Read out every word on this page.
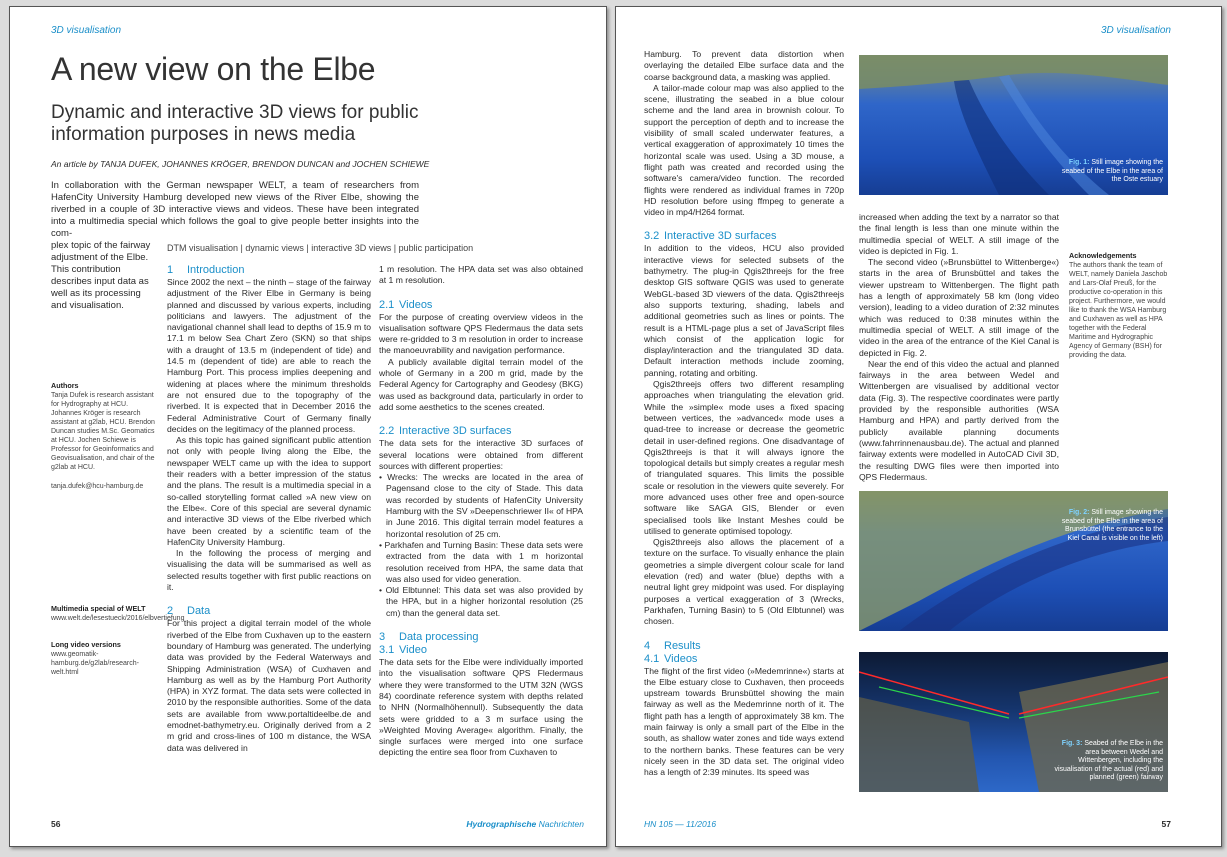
3D visualisation
A new view on the Elbe
Dynamic and interactive 3D views for public information purposes in news media
An article by TANJA DUFEK, JOHANNES KRÖGER, BRENDON DUNCAN and JOCHEN SCHIEWE
In collaboration with the German newspaper WELT, a team of researchers from HafenCity University Hamburg developed new views of the River Elbe, showing the riverbed in a couple of 3D interactive views and videos. These have been integrated into a multimedia special which follows the goal to give people better insights into the com-
plex topic of the fairway adjustment of the Elbe. This contribution describes input data as well as its processing and visualisation.
DTM visualisation | dynamic views | interactive 3D views | public participation
Authors
Tanja Dufek is research assistant for Hydrography at HCU. Johannes Kröger is research assistant at g2lab, HCU. Brendon Duncan studies M.Sc. Geomatics at HCU. Jochen Schiewe is Professor for Geoinformatics and Geovisualisation, and chair of the g2lab at HCU.
tanja.dufek@hcu-hamburg.de
Multimedia special of WELT
www.welt.de/lesestueck/2016/elbvertiefung
Long video versions
www.geomatik-hamburg.de/g2lab/research-welt.html
1 Introduction

Since 2002 the next – the ninth – stage of the fairway adjustment of the River Elbe in Germany is being planned and discussed by various experts, including politicians and lawyers. The adjustment of the navigational channel shall lead to depths of 15.9 m to 17.1 m below Sea Chart Zero (SKN) so that ships with a draught of 13.5 m (independent of tide) and 14.5 m (dependent of tide) are able to reach the Hamburg Port. This process implies deepening and widening at places where the minimum thresholds are not ensured due to the topography of the riverbed. It is expected that in December 2016 the Federal Administrative Court of Germany finally decides on the legitimacy of the planned process.

As this topic has gained significant public attention not only with people living along the Elbe, the newspaper WELT came up with the idea to support their readers with a better impression of the status and the plans. The result is a multimedia special in a so-called storytelling format called »A new view on the Elbe«. Core of this special are several dynamic and interactive 3D views of the Elbe riverbed which have been created by a scientific team of the HafenCity University Hamburg.

In the following the process of merging and visualising the data will be summarised as well as selected results together with first public reactions on it.

2 Data

For this project a digital terrain model of the whole riverbed of the Elbe from Cuxhaven up to the eastern boundary of Hamburg was generated. The underlying data was provided by the Federal Waterways and Shipping Administration (WSA) of Cuxhaven and Hamburg as well as by the Hamburg Port Authority (HPA) in XYZ format. The data sets were collected in 2010 by the responsible authorities. Some of the data sets are available from www.portaltideelbe.de and emodnet-bathymetry.eu. Originally derived from a 2 m grid and cross-lines of 100 m distance, the WSA data was delivered in

1 m resolution. The HPA data set was also obtained at 1 m resolution.

2.1 Videos

For the purpose of creating overview videos in the visualisation software QPS Fledermaus the data sets were re-gridded to 3 m resolution in order to increase the manoeuvrability and navigation performance.

A publicly available digital terrain model of the whole of Germany in a 200 m grid, made by the Federal Agency for Cartography and Geodesy (BKG) was used as background data, particularly in order to add some aesthetics to the scenes created.

2.2 Interactive 3D surfaces

The data sets for the interactive 3D surfaces of several locations were obtained from different sources with different properties:

• Wrecks: The wrecks are located in the area of Pagensand close to the city of Stade. This data was recorded by students of HafenCity University Hamburg with the SV »Deepenschriewer II« of HPA in June 2016. This digital terrain model features a horizontal resolution of 25 cm.
• Parkhafen and Turning Basin: These data sets were extracted from the data with 1 m horizontal resolution received from HPA, the same data that was also used for video generation.
• Old Elbtunnel: This data set was also provided by the HPA, but in a higher horizontal resolution (25 cm) than the general data set.
3 Data processing
3.1 Video

The data sets for the Elbe were individually imported into the visualisation software QPS Fledermaus where they were transformed to the UTM 32N (WGS 84) coordinate reference system with depths related to NHN (Normalhöhennull). Subsequently the data sets were gridded to a 3 m surface using the »Weighted Moving Average« algorithm. Finally, the single surfaces were merged into one surface depicting the entire sea floor from Cuxhaven to

56	Hydrographische Nachrichten
3D visualisation

Hamburg. To prevent data distortion when overlaying the detailed Elbe surface data and the coarse background data, a masking was applied.

A tailor-made colour map was also applied to the scene, illustrating the seabed in a blue colour scheme and the land area in brownish colour. To support the perception of depth and to increase the visibility of small scaled underwater features, a vertical exaggeration of approximately 10 times the horizontal scale was used. Using a 3D mouse, a flight path was created and recorded using the software's camera/video function. The recorded flights were rendered as individual frames in 720p HD resolution before using ffmpeg to generate a video in mp4/H264 format.

3.2 Interactive 3D surfaces

In addition to the videos, HCU also provided interactive views for selected subsets of the bathymetry. The plug-in Qgis2threejs for the free desktop GIS software QGIS was used to generate WebGL-based 3D viewers of the data. Qgis2threejs also supports texturing, shading, labels and additional geometries such as lines or points. The result is a HTML-page plus a set of JavaScript files which consist of the application logic for display/interaction and the triangulated 3D data. Default interaction methods include zooming, panning, rotating and orbiting.

Qgis2threejs offers two different resampling approaches when triangulating the elevation grid. While the »simple« mode uses a fixed spacing between vertices, the »advanced« mode uses a quad-tree to increase or decrease the geometric detail in user-defined regions. One disadvantage of Qgis2threejs is that it will always ignore the topological details but simply creates a regular mesh of triangulated squares. This limits the possible scale or resolution in the viewers quite severely. For more advanced uses other free and open-source software like SAGA GIS, Blender or even specialised tools like Instant Meshes could be utilised to generate optimised topology.

Qgis2threejs also allows the placement of a texture on the surface. To visually enhance the plain geometries a simple divergent colour scale for land elevation (red) and water (blue) depths with a neutral light grey midpoint was used. For displaying purposes a vertical exaggeration of 3 (Wrecks, Parkhafen, Turning Basin) to 5 (Old Elbtunnel) was chosen.

4 Results
4.1 Videos

The flight of the first video (»Medemrinne«) starts at the Elbe estuary close to Cuxhaven, then proceeds upstream towards Brunsbüttel showing the main fairway as well as the Medemrinne north of it. The flight path has a length of approximately 38 km. The main fairway is only a small part of the Elbe in the south, as shallow water zones and tide ways extend to the northern banks. These features can be very nicely seen in the 3D data set. The original video has a length of 2:39 minutes. Its speed was

Fig. 1: Still image showing the seabed of the Elbe in the area of the Oste estuary

increased when adding the text by a narrator so that the final length is less than one minute within the multimedia special of WELT. A still image of the video is depicted in Fig. 1.

The second video (»Brunsbüttel to Wittenberge«) starts in the area of Brunsbüttel and takes the viewer upstream to Wittenbergen. The flight path has a length of approximately 58 km (long video version), leading to a video duration of 2:32 minutes which was reduced to 0:38 minutes within the multimedia special of WELT. A still image of the video in the area of the entrance of the Kiel Canal is depicted in Fig. 2.

Near the end of this video the actual and planned fairways in the area between Wedel and Wittenbergen are visualised by additional vector data (Fig. 3). The respective coordinates were partly provided by the responsible authorities (WSA Hamburg and HPA) and partly derived from the publicly available planning documents (www.fahrrinnenausbau.de). The actual and planned fairway extents were modelled in AutoCAD Civil 3D, the resulting DWG files were then imported into QPS Fledermaus.

Acknowledgements
The authors thank the team of WELT, namely Daniela Jaschob and Lars-Olaf Preuß, for the productive co-operation in this project. Furthermore, we would like to thank the WSA Hamburg and Cuxhaven as well as HPA together with the Federal Maritime and Hydrographic Agency of Germany (BSH) for providing the data.
Fig. 2: Still image showing the seabed of the Elbe in the area of Brunsbüttel (the entrance to the Kiel Canal is visible on the left)
Fig. 3: Seabed of the Elbe in the area between Wedel and Wittenbergen, including the visualisation of the actual (red) and planned (green) fairway
HN 105 — 11/2016	57
